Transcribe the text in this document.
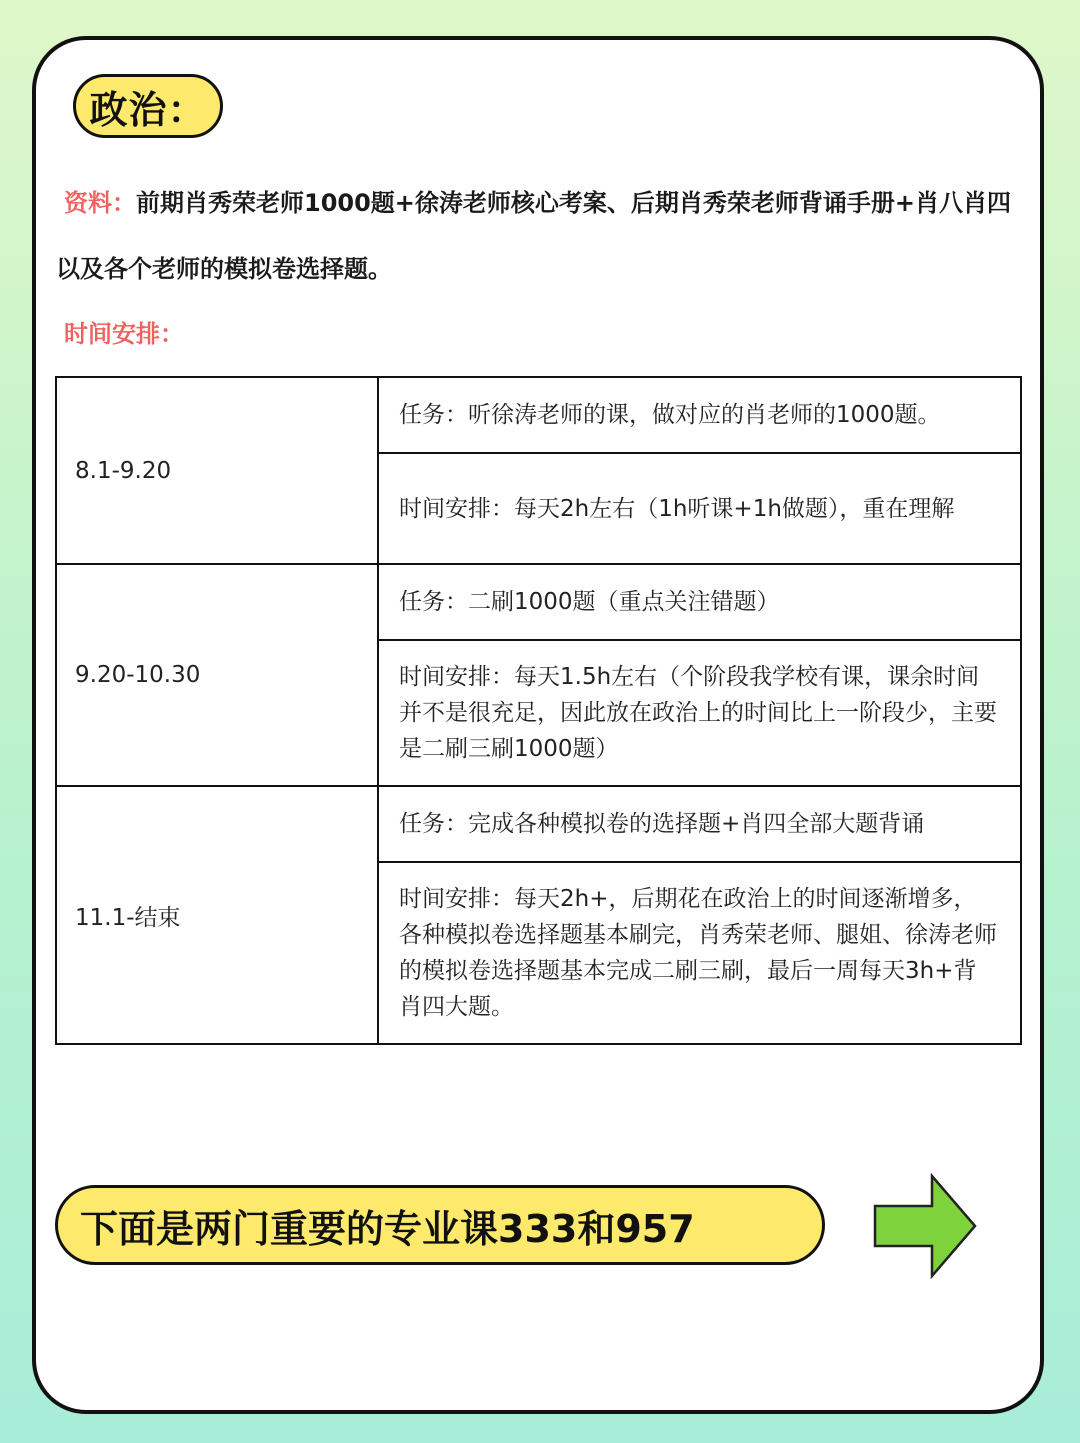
政治：
资料：前期肖秀荣老师1000题+徐涛老师核心考案、后期肖秀荣老师背诵手册+肖八肖四以及各个老师的模拟卷选择题。
时间安排：
8.1-9.20	任务：听徐涛老师的课，做对应的肖老师的1000题。
	时间安排：每天2h左右（1h听课+1h做题），重在理解
9.20-10.30	任务：二刷1000题（重点关注错题）
	时间安排：每天1.5h左右（个阶段我学校有课，课余时间并不是很充足，因此放在政治上的时间比上一阶段少，主要是二刷三刷1000题）
11.1-结束	任务：完成各种模拟卷的选择题+肖四全部大题背诵
	时间安排：每天2h+，后期花在政治上的时间逐渐增多，各种模拟卷选择题基本刷完，肖秀荣老师、腿姐、徐涛老师的模拟卷选择题基本完成二刷三刷，最后一周每天3h+背肖四大题。
下面是两门重要的专业课333和957
